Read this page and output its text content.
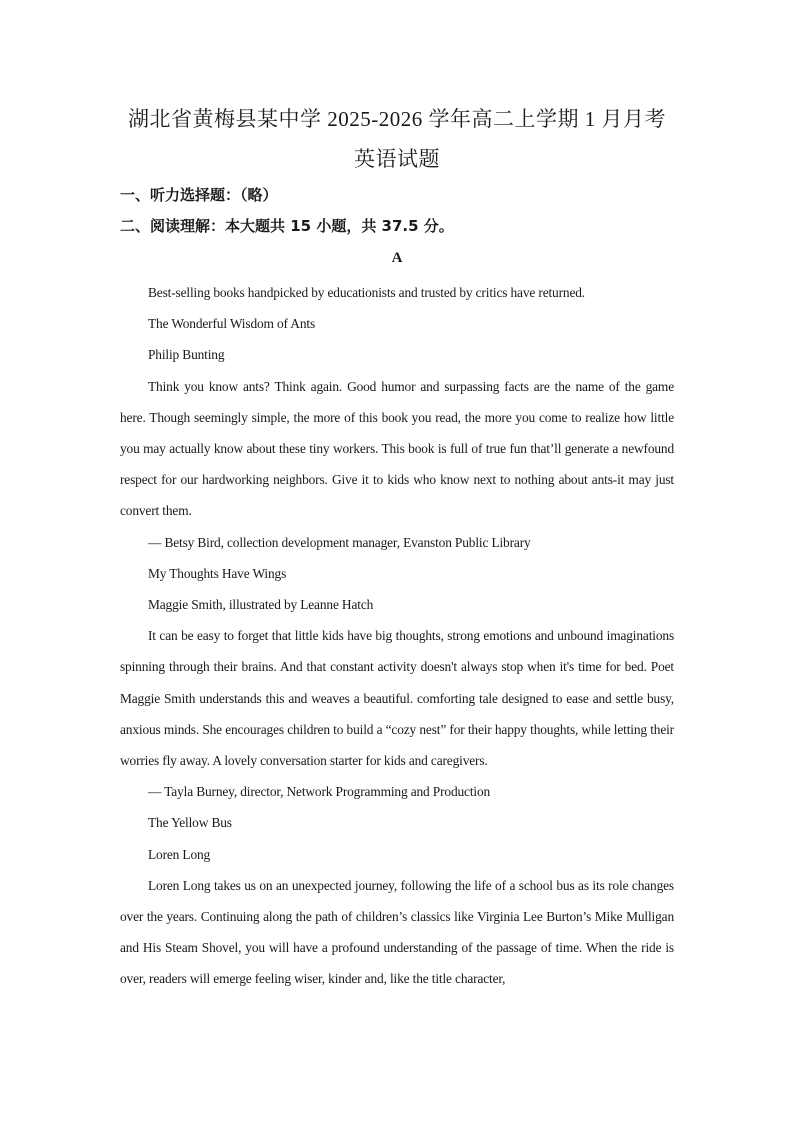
湖北省黄梅县某中学 2025-2026 学年高二上学期 1 月月考
英语试题
一、听力选择题：（略）
二、阅读理解：本大题共 15 小题，共 37.5 分。
A

Best-selling books handpicked by educationists and trusted by critics have returned.

The Wonderful Wisdom of Ants

Philip Bunting

Think you know ants? Think again. Good humor and surpassing facts are the name of the game here. Though seemingly simple, the more of this book you read, the more you come to realize how little you may actually know about these tiny workers. This book is full of true fun that’ll generate a newfound respect for our hardworking neighbors. Give it to kids who know next to nothing about ants-it may just convert them.

— Betsy Bird, collection development manager, Evanston Public Library

My Thoughts Have Wings

Maggie Smith, illustrated by Leanne Hatch

It can be easy to forget that little kids have big thoughts, strong emotions and unbound imaginations spinning through their brains. And that constant activity doesn't always stop when it's time for bed. Poet Maggie Smith understands this and weaves a beautiful. comforting tale designed to ease and settle busy, anxious minds. She encourages children to build a “cozy nest” for their happy thoughts, while letting their worries fly away. A lovely conversation starter for kids and caregivers.

— Tayla Burney, director, Network Programming and Production

The Yellow Bus

Loren Long

Loren Long takes us on an unexpected journey, following the life of a school bus as its role changes over the years. Continuing along the path of children’s classics like Virginia Lee Burton’s Mike Mulligan and His Steam Shovel, you will have a profound understanding of the passage of time. When the ride is over, readers will emerge feeling wiser, kinder and, like the title character,
